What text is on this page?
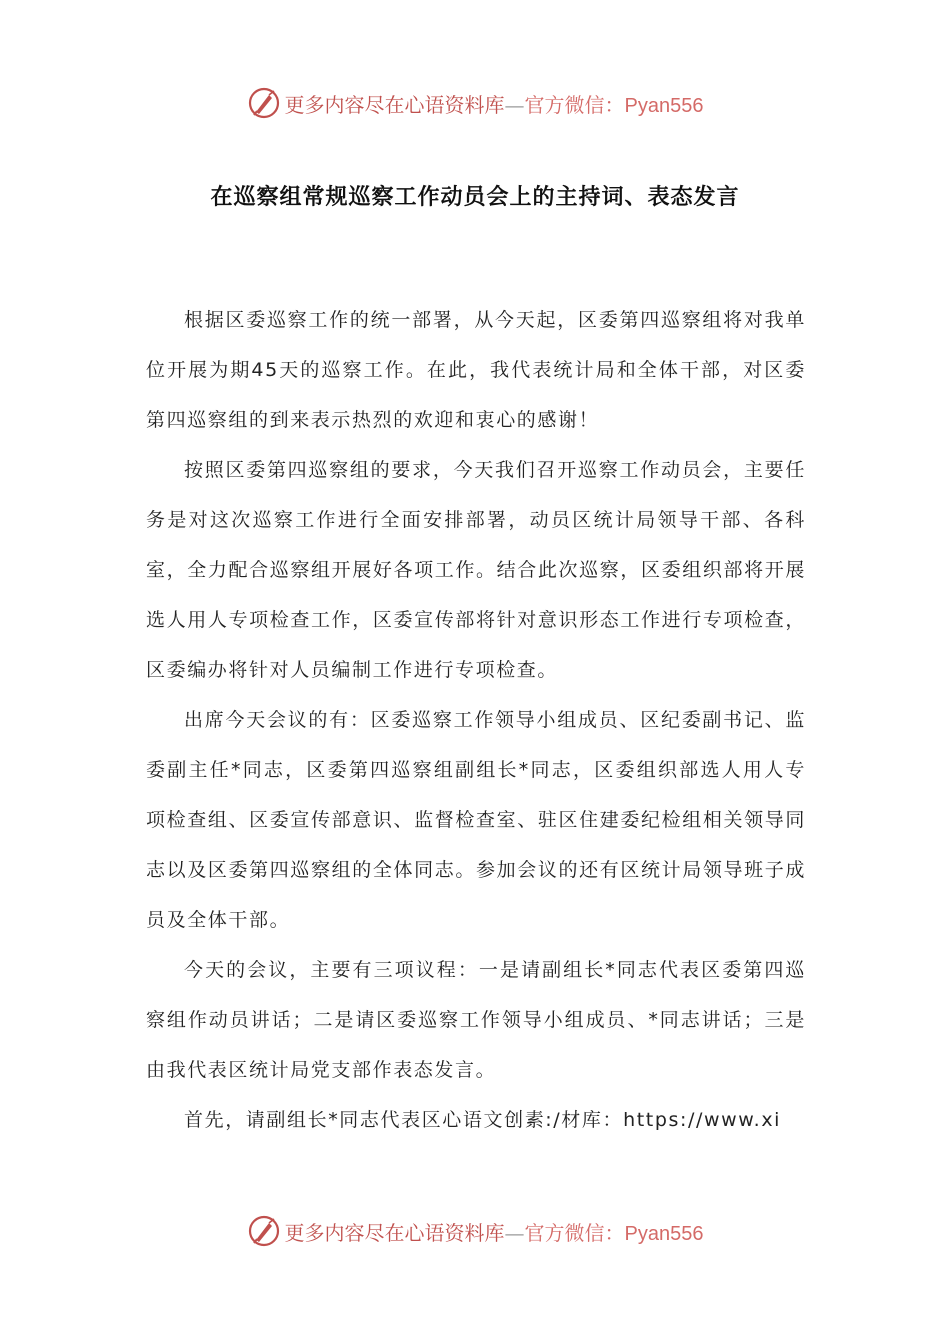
更多内容尽在心语资料库—官方微信：Pyan556
在巡察组常规巡察工作动员会上的主持词、表态发言

根据区委巡察工作的统一部署，从今天起，区委第四巡察组将对我单位开展为期45天的巡察工作。在此，我代表统计局和全体干部，对区委第四巡察组的到来表示热烈的欢迎和衷心的感谢！

按照区委第四巡察组的要求，今天我们召开巡察工作动员会，主要任务是对这次巡察工作进行全面安排部署，动员区统计局领导干部、各科室，全力配合巡察组开展好各项工作。结合此次巡察，区委组织部将开展选人用人专项检查工作，区委宣传部将针对意识形态工作进行专项检查，区委编办将针对人员编制工作进行专项检查。

出席今天会议的有：区委巡察工作领导小组成员、区纪委副书记、监委副主任*同志，区委第四巡察组副组长*同志，区委组织部选人用人专项检查组、区委宣传部意识、监督检查室、驻区住建委纪检组相关领导同志以及区委第四巡察组的全体同志。参加会议的还有区统计局领导班子成员及全体干部。

今天的会议，主要有三项议程：一是请副组长*同志代表区委第四巡察组作动员讲话；二是请区委巡察工作领导小组成员、*同志讲话；三是由我代表区统计局党支部作表态发言。

首先，请副组长*同志代表区心语文创素:/材库：https://www.xi

更多内容尽在心语资料库—官方微信：Pyan556
